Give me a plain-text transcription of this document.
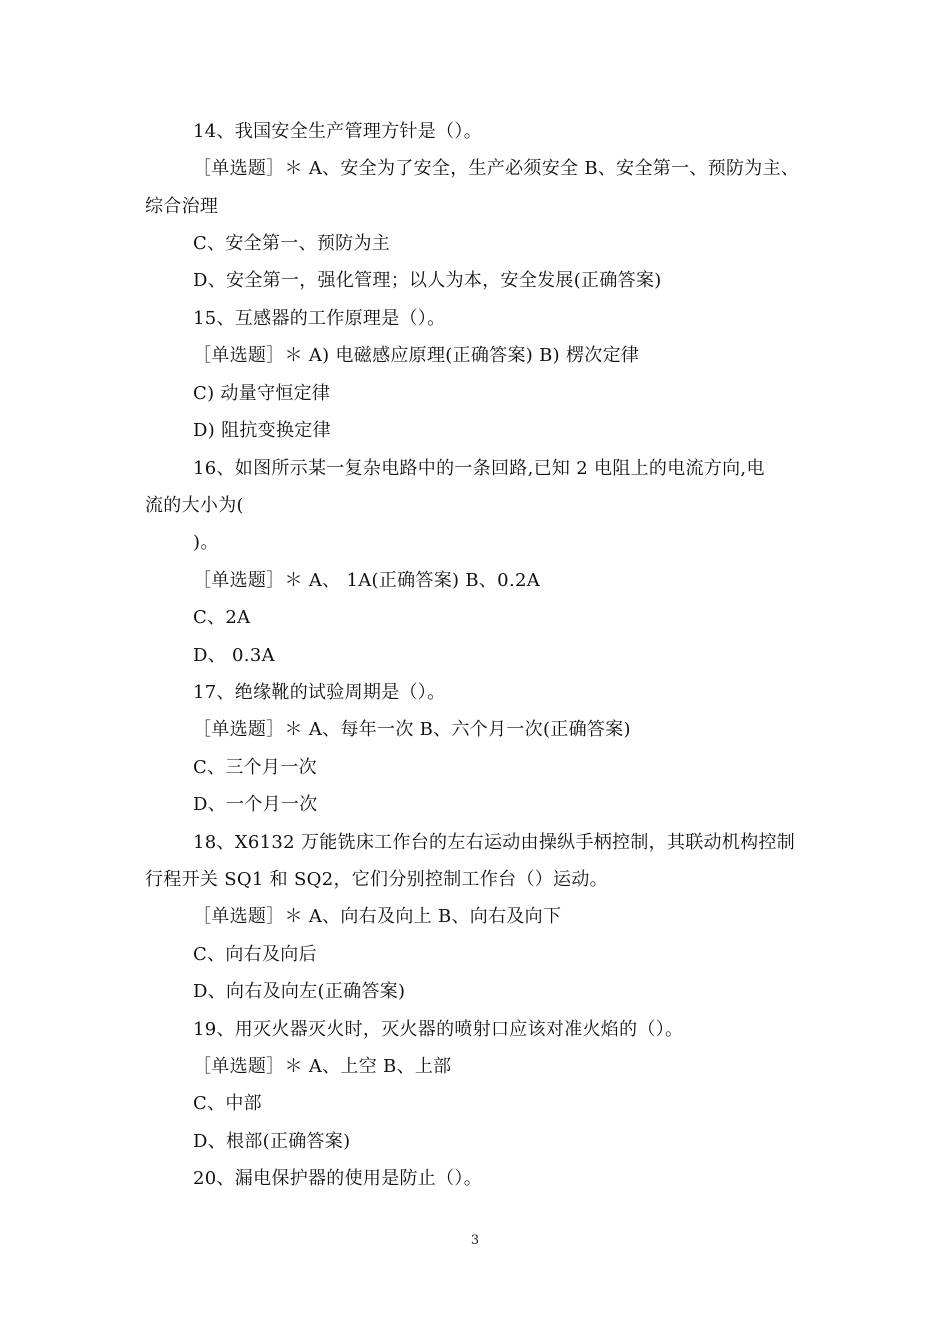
14、我国安全生产管理方针是（）。
［单选题］＊ A、安全为了安全，生产必须安全 B、安全第一、预防为主、
综合治理
C、安全第一、预防为主
D、安全第一，强化管理；以人为本，安全发展(正确答案)
15、互感器的工作原理是（）。
［单选题］＊ A) 电磁感应原理(正确答案) B) 楞次定律
C) 动量守恒定律
D) 阻抗变换定律
16、如图所示某一复杂电路中的一条回路,已知 2 电阻上的电流方向,电
流的大小为(
)。
［单选题］＊ A、 1A(正确答案) B、0.2A
C、2A
D、 0.3A
17、绝缘靴的试验周期是（）。
［单选题］＊ A、每年一次 B、六个月一次(正确答案)
C、三个月一次
D、一个月一次
18、X6132 万能铣床工作台的左右运动由操纵手柄控制，其联动机构控制
行程开关 SQ1 和 SQ2，它们分别控制工作台（）运动。
［单选题］＊ A、向右及向上 B、向右及向下
C、向右及向后
D、向右及向左(正确答案)
19、用灭火器灭火时，灭火器的喷射口应该对准火焰的（）。
［单选题］＊ A、上空 B、上部
C、中部
D、根部(正确答案)
20、漏电保护器的使用是防止（）。
3
